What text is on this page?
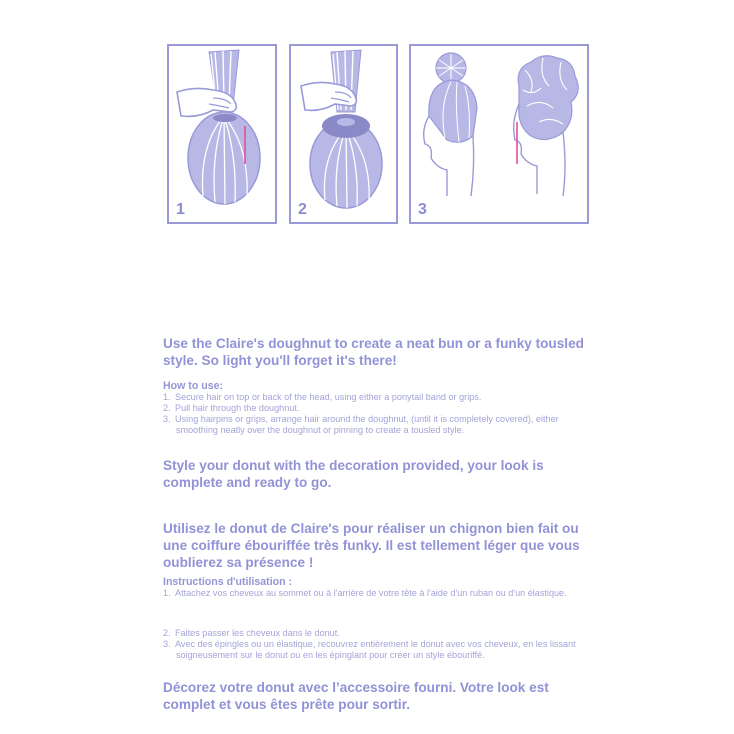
1	2	3

Use the Claire's doughnut to create a neat bun or a funky tousled

style. So light you'll forget it's there!

How to use:

1. Secure hair on top or back of the head, using either a ponytail band or grips.

2. Pull hair through the doughnut.

3. Using hairpins or grips, arrange hair around the doughnut, (until it is completely covered), either

smoothing neatly over the doughnut or pinning to create a tousled style.

Style your donut with the decoration provided, your look is

complete and ready to go.

Utilisez le donut de Claire's pour réaliser un chignon bien fait ou

une coiffure ébouriffée très funky. Il est tellement léger que vous

oublierez sa présence !

Instructions d'utilisation :

1. Attachez vos cheveux au sommet ou à l'arrière de votre tête à l'aide d'un ruban ou d'un élastique.

2. Faites passer les cheveux dans le donut.

3. Avec des épingles ou un élastique, recouvrez entièrement le donut avec vos cheveux, en les lissant

soigneusement sur le donut ou en les épinglant pour créer un style ébouriffé.

Décorez votre donut avec l’accessoire fourni. Votre look est

complet et vous êtes prête pour sortir.
